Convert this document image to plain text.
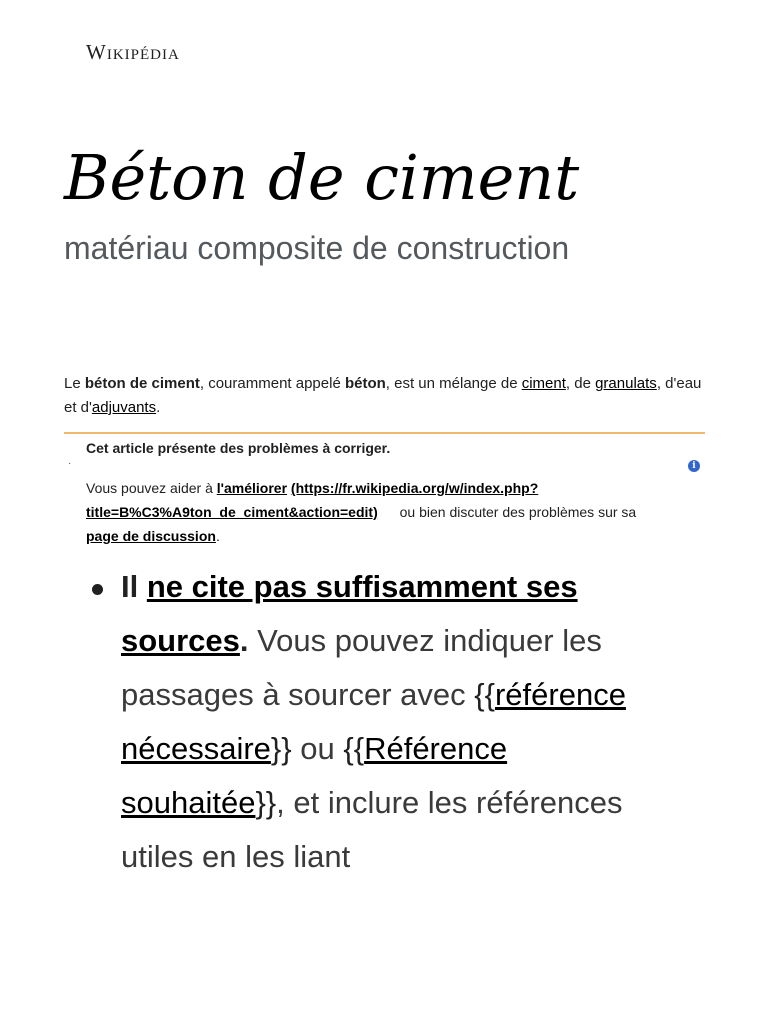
Wikipédia
Béton de ciment

matériau composite de construction

Le béton de ciment, couramment appelé béton, est un mélange de ciment, de granulats, d'eau et d'adjuvants.

Cet article présente des problèmes à corriger.

·	i

Vous pouvez aider à l'améliorer (https://fr.wikipedia.org/w/index.php?title=B%C3%A9ton_de_ciment&action=edit) ou bien discuter des problèmes sur sa page de discussion.

Il ne cite pas suffisamment ses sources. Vous pouvez indiquer les passages à sourcer avec {{référence nécessaire}} ou {{Référence souhaitée}}, et inclure les références utiles en les liant
